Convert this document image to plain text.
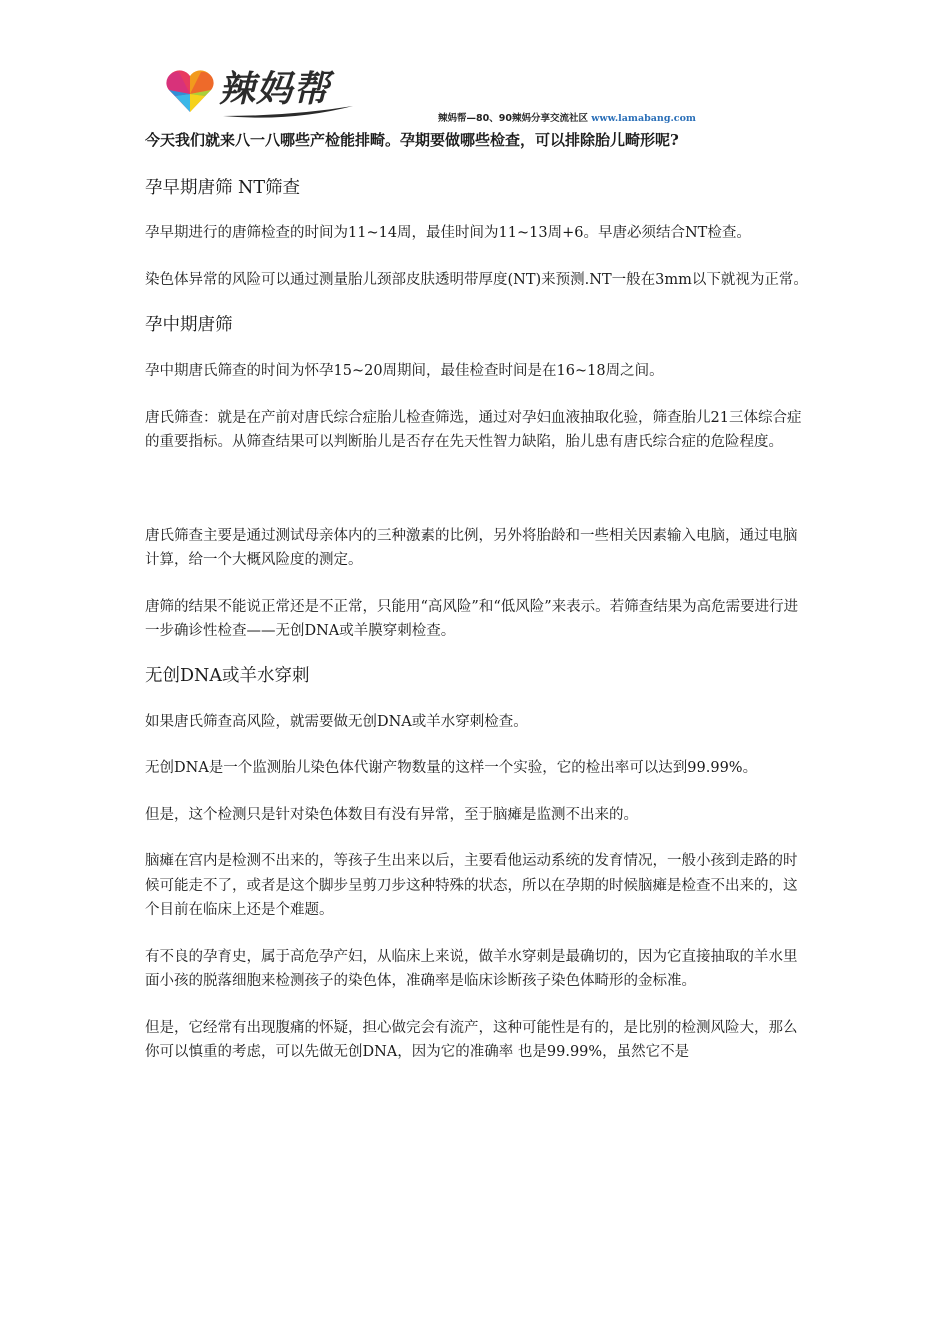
辣妈帮
辣妈帮—80、90辣妈分享交流社区 www.lamabang.com

今天我们就来八一八哪些产检能排畸。孕期要做哪些检查，可以排除胎儿畸形呢?

孕早期唐筛 NT筛查

孕早期进行的唐筛检查的时间为11~14周，最佳时间为11~13周+6。早唐必须结合NT检查。

染色体异常的风险可以通过测量胎儿颈部皮肤透明带厚度(NT)来预测.NT一般在3mm以下就视为正常。

孕中期唐筛

孕中期唐氏筛查的时间为怀孕15~20周期间，最佳检查时间是在16~18周之间。

唐氏筛查：就是在产前对唐氏综合症胎儿检查筛选，通过对孕妇血液抽取化验，筛查胎儿21三体综合症的重要指标。从筛查结果可以判断胎儿是否存在先天性智力缺陷，胎儿患有唐氏综合症的危险程度。

唐氏筛查主要是通过测试母亲体内的三种激素的比例，另外将胎龄和一些相关因素输入电脑，通过电脑计算，给一个大概风险度的测定。

唐筛的结果不能说正常还是不正常，只能用“高风险”和“低风险”来表示。若筛查结果为高危需要进行进一步确诊性检查——无创DNA或羊膜穿刺检查。

无创DNA或羊水穿刺

如果唐氏筛查高风险，就需要做无创DNA或羊水穿刺检查。

无创DNA是一个监测胎儿染色体代谢产物数量的这样一个实验，它的检出率可以达到99.99%。

但是，这个检测只是针对染色体数目有没有异常，至于脑瘫是监测不出来的。

脑瘫在宫内是检测不出来的，等孩子生出来以后，主要看他运动系统的发育情况，一般小孩到走路的时候可能走不了，或者是这个脚步呈剪刀步这种特殊的状态，所以在孕期的时候脑瘫是检查不出来的，这个目前在临床上还是个难题。

有不良的孕育史，属于高危孕产妇，从临床上来说，做羊水穿刺是最确切的，因为它直接抽取的羊水里面小孩的脱落细胞来检测孩子的染色体，准确率是临床诊断孩子染色体畸形的金标准。

但是，它经常有出现腹痛的怀疑，担心做完会有流产，这种可能性是有的，是比别的检测风险大，那么你可以慎重的考虑，可以先做无创DNA，因为它的准确率 也是99.99%，虽然它不是
